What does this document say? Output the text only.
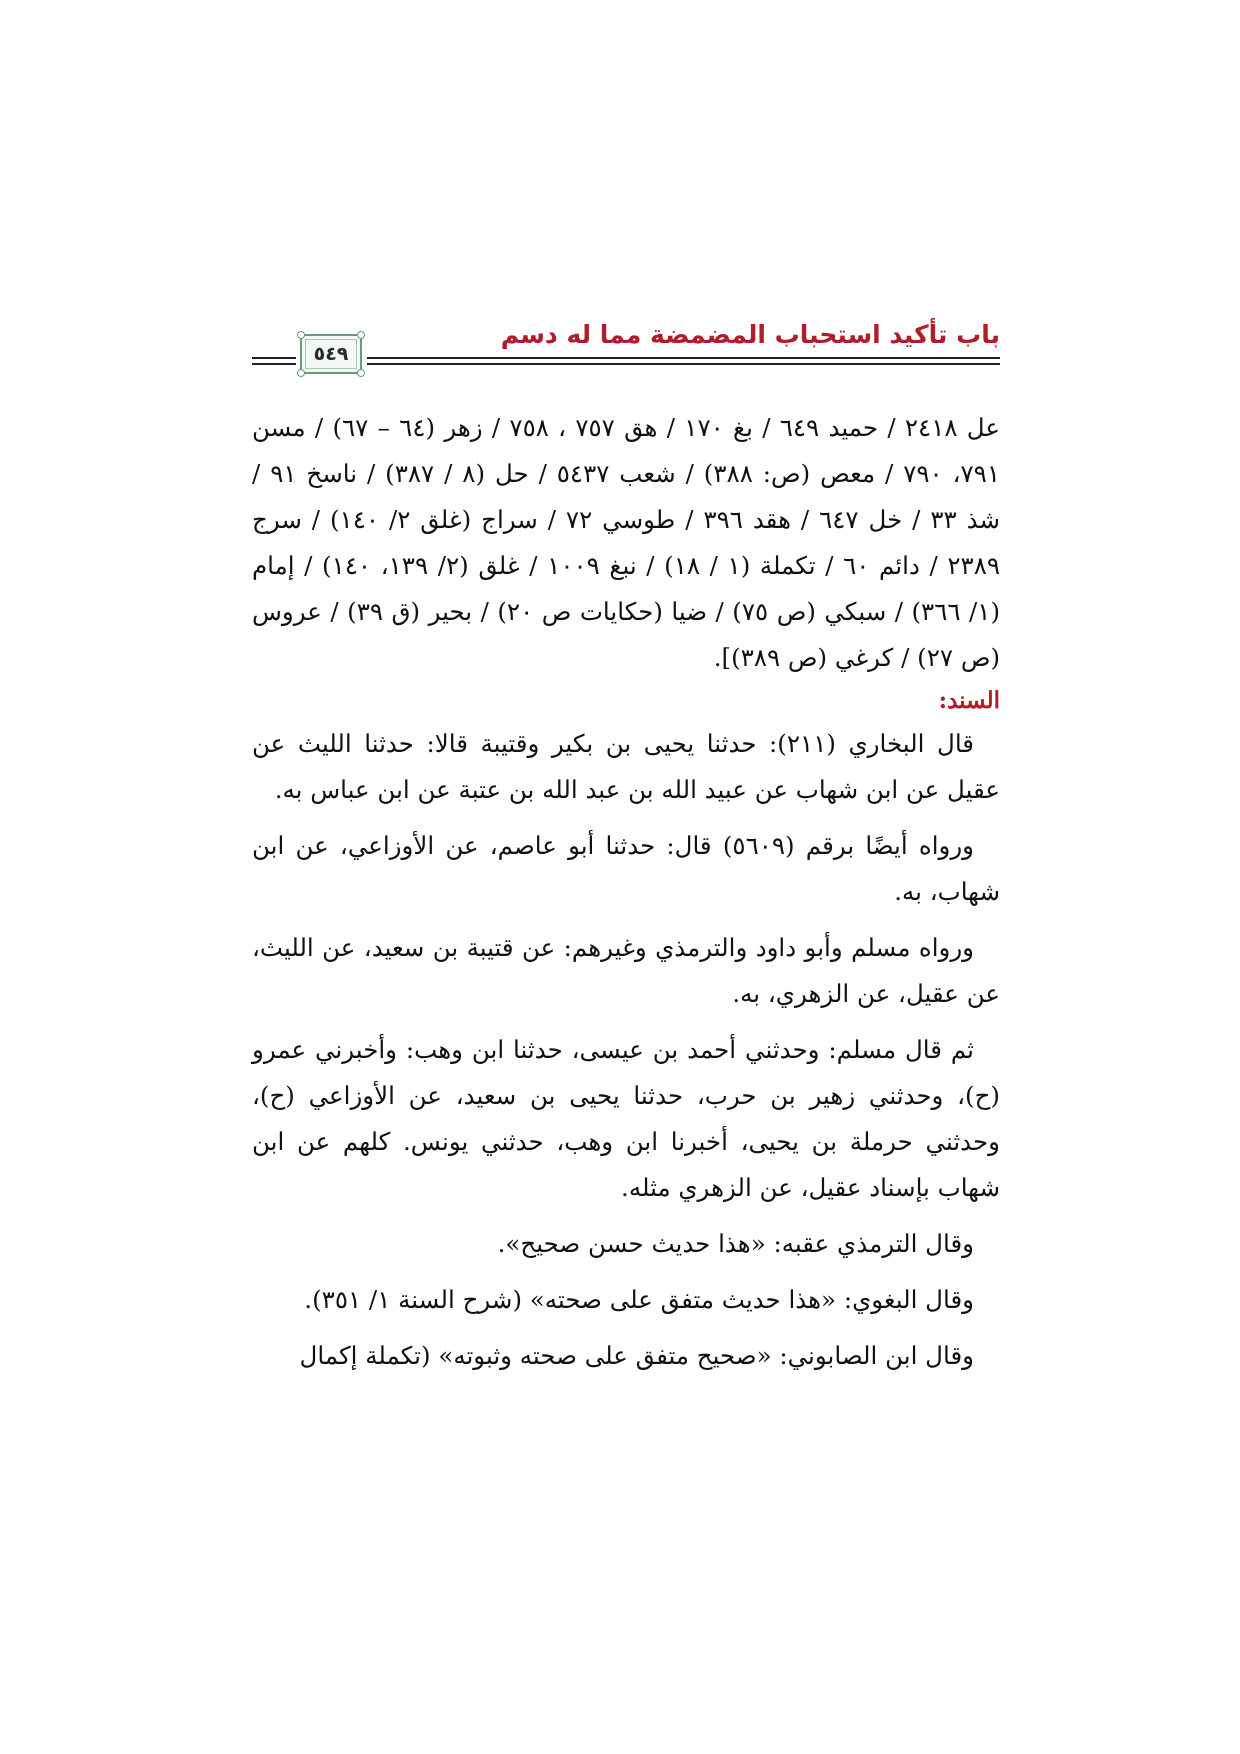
باب تأكيد استحباب المضمضة مما له دسم
٥٤٩

عل ٢٤١٨ / حميد ٦٤٩ / بغ ١٧٠ / هق ٧٥٧ ، ٧٥٨ / زهر (٦٤ – ٦٧) / مسن ٧٩١، ٧٩٠ / معص (ص: ٣٨٨) / شعب ٥٤٣٧ / حل (٨ / ٣٨٧) / ناسخ ٩١ / شذ ٣٣ / خل ٦٤٧ / هقد ٣٩٦ / طوسي ٧٢ / سراج (غلق ٢/ ١٤٠) / سرج ٢٣٨٩ / دائم ٦٠ / تكملة (١ / ١٨) / نبغ ١٠٠٩ / غلق (٢/ ١٣٩، ١٤٠) / إمام (١/ ٣٦٦) / سبكي (ص ٧٥) / ضيا (حكايات ص ٢٠) / بحير (ق ٣٩) / عروس (ص ٢٧) / كرغي (ص ٣٨٩)].

السند:

قال البخاري (٢١١): حدثنا يحيى بن بكير وقتيبة قالا: حدثنا الليث عن عقيل عن ابن شهاب عن عبيد الله بن عبد الله بن عتبة عن ابن عباس به.

ورواه أيضًا برقم (٥٦٠٩) قال: حدثنا أبو عاصم، عن الأوزاعي، عن ابن شهاب، به.

ورواه مسلم وأبو داود والترمذي وغيرهم: عن قتيبة بن سعيد، عن الليث، عن عقيل، عن الزهري، به.

ثم قال مسلم: وحدثني أحمد بن عيسى، حدثنا ابن وهب: وأخبرني عمرو (ح)، وحدثني زهير بن حرب، حدثنا يحيى بن سعيد، عن الأوزاعي (ح)، وحدثني حرملة بن يحيى، أخبرنا ابن وهب، حدثني يونس. كلهم عن ابن شهاب بإسناد عقيل، عن الزهري مثله.

وقال الترمذي عقبه: «هذا حديث حسن صحيح».

وقال البغوي: «هذا حديث متفق على صحته» (شرح السنة ١/ ٣٥١).

وقال ابن الصابوني: «صحيح متفق على صحته وثبوته» (تكملة إكمال
